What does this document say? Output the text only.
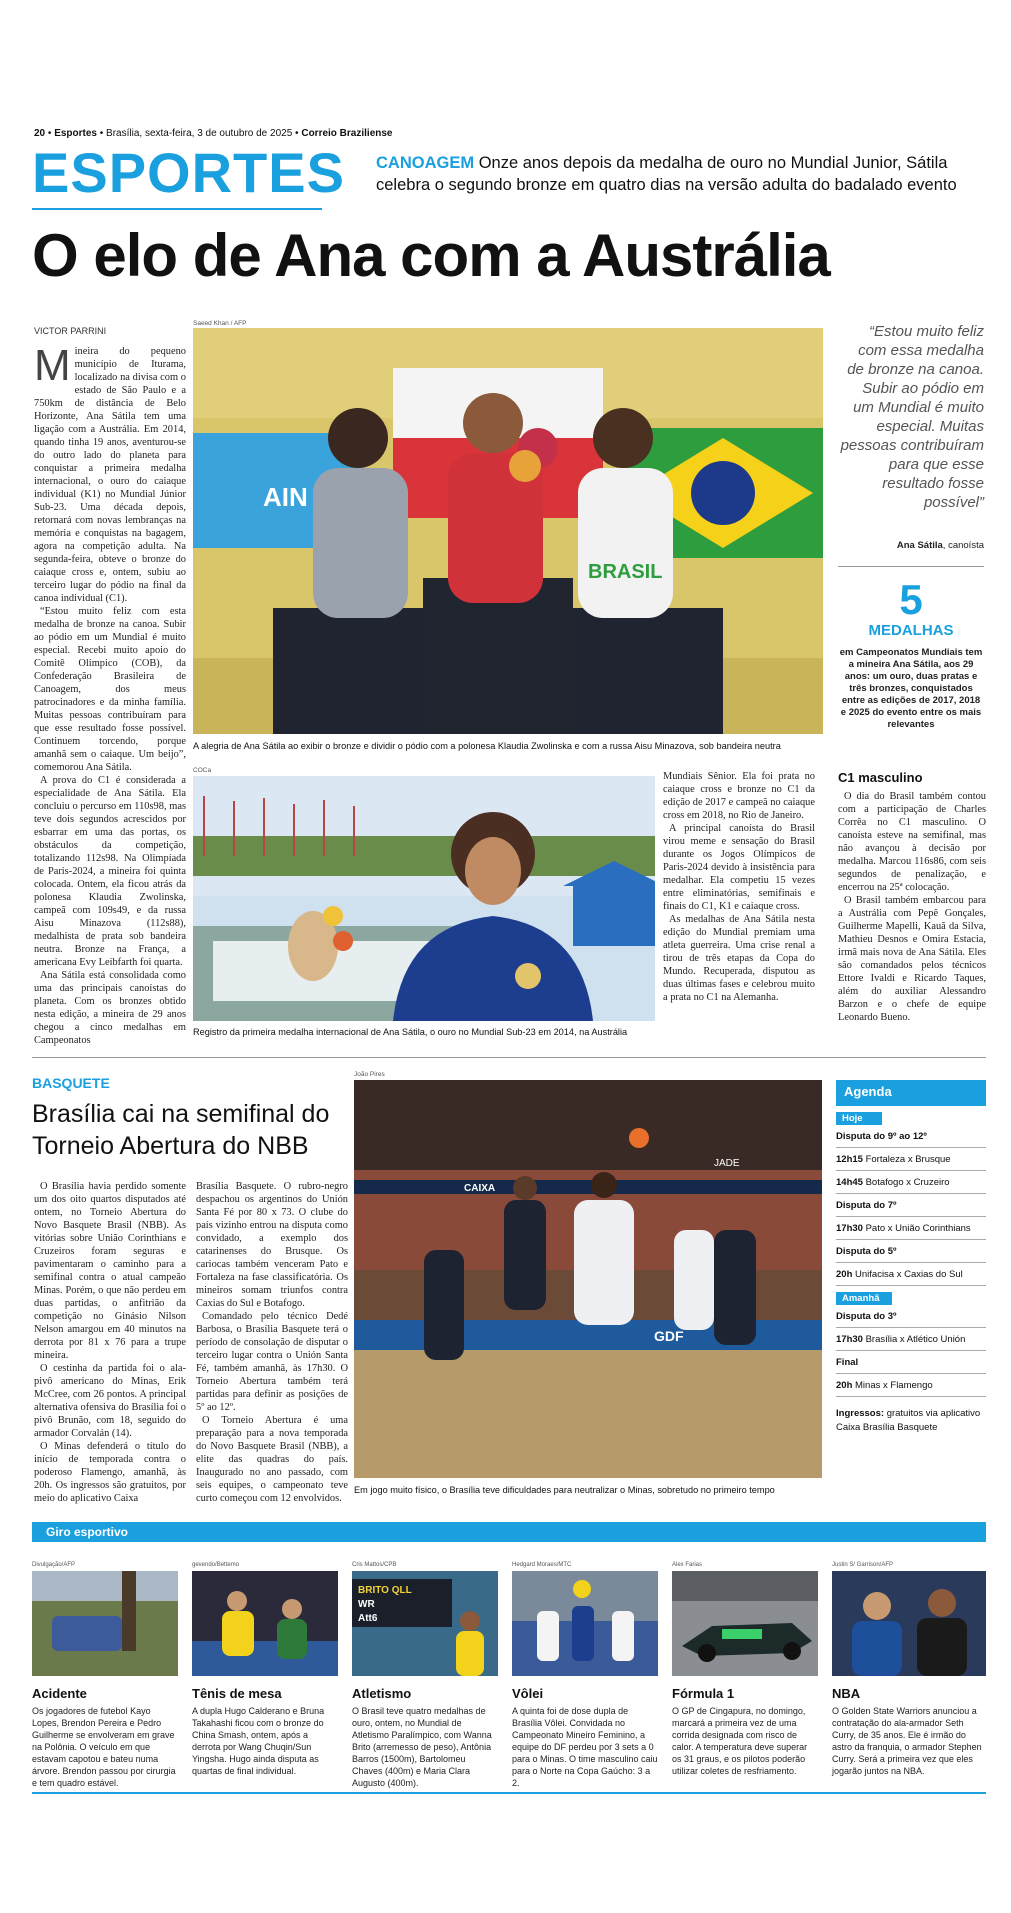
20 • Esportes • Brasília, sexta-feira, 3 de outubro de 2025 • Correio Braziliense
ESPORTES CANOAGEM Onze anos depois da medalha de ouro no Mundial Junior, Sátila celebra o segundo bronze em quatro dias na versão adulta do badalado evento
O elo de Ana com a Austrália
VICTOR PARRINI

Mineira do pequeno município de Iturama, localizado na divisa com o estado de São Paulo e a 750km de distância de Belo Horizonte, Ana Sátila tem uma ligação com a Austrália. Em 2014, quando tinha 19 anos, aventurou-se do outro lado do planeta para conquistar a primeira medalha internacional, o ouro do caiaque individual (K1) no Mundial Júnior Sub-23. Uma década depois, retornará com novas lembranças na memória e conquistas na bagagem, agora na competição adulta. Na segunda-feira, obteve o bronze do caiaque cross e, ontem, subiu ao terceiro lugar do pódio na final da canoa individual (C1).

“Estou muito feliz com esta medalha de bronze na canoa. Subir ao pódio em um Mundial é muito especial. Recebi muito apoio do Comitê Olímpico (COB), da Confederação Brasileira de Canoagem, dos meus patrocinadores e da minha família. Muitas pessoas contribuíram para que esse resultado fosse possível. Continuem torcendo, porque amanhã sem o caiaque. Um beijo”, comemorou Ana Sátila.

A prova do C1 é considerada a especialidade de Ana Sátila. Ela concluiu o percurso em 110s98, mas teve dois segundos acrescidos por esbarrar em uma das portas, os obstáculos da competição, totalizando 112s98. Na Olimpíada de Paris-2024, a mineira foi quinta colocada. Ontem, ela ficou atrás da polonesa Klaudia Zwolinska, campeã com 109s49, e da russa Aisu Minazova (112s88), medalhista de prata sob bandeira neutra. Bronze na França, a americana Evy Leibfarth foi quarta.

Ana Sátila está consolidada como uma das principais canoístas do planeta. Com os bronzes obtido nesta edição, a mineira de 29 anos chegou a cinco medalhas em Campeonatos

Saeed Khan / AFP
AIN
BRASIL
A alegria de Ana Sátila ao exibir o bronze e dividir o pódio com a polonesa Klaudia Zwolinska e com a russa Aisu Minazova, sob bandeira neutra
“Estou muito feliz com essa medalha de bronze na canoa. Subir ao pódio em um Mundial é muito especial. Muitas pessoas contribuíram para que esse resultado fosse possível”
Ana Sátila, canoísta
5
MEDALHAS
em Campeonatos Mundiais tem a mineira Ana Sátila, aos 29 anos: um ouro, duas pratas e três bronzes, conquistados entre as edições de 2017, 2018 e 2025 do evento entre os mais relevantes
COCa
Registro da primeira medalha internacional de Ana Sátila, o ouro no Mundial Sub-23 em 2014, na Austrália

Mundiais Sênior. Ela foi prata no caiaque cross e bronze no C1 da edição de 2017 e campeã no caiaque cross em 2018, no Rio de Janeiro.

A principal canoísta do Brasil virou meme e sensação do Brasil durante os Jogos Olímpicos de Paris-2024 devido à insistência para medalhar. Ela competiu 15 vezes entre eliminatórias, semifinais e finais do C1, K1 e caiaque cross.

As medalhas de Ana Sátila nesta edição do Mundial premiam uma atleta guerreira. Uma crise renal a tirou de três etapas da Copa do Mundo. Recuperada, disputou as duas últimas fases e celebrou muito a prata no C1 na Alemanha.

C1 masculino

O dia do Brasil também contou com a participação de Charles Corrêa no C1 masculino. O canoísta esteve na semifinal, mas não avançou à decisão por medalha. Marcou 116s86, com seis segundos de penalização, e encerrou na 25ª colocação.

O Brasil também embarcou para a Austrália com Pepê Gonçales, Guilherme Mapelli, Kauã da Silva, Mathieu Desnos e Omira Estacia, irmã mais nova de Ana Sátila. Eles são comandados pelos técnicos Ettore Ivaldi e Ricardo Taques, além do auxiliar Alessandro Barzon e o chefe de equipe Leonardo Bueno.

BASQUETE
Brasília cai na semifinal do Torneio Abertura do NBB

O Brasília havia perdido somente um dos oito quartos disputados até ontem, no Torneio Abertura do Novo Basquete Brasil (NBB). As vitórias sobre União Corinthians e Cruzeiros foram seguras e pavimentaram o caminho para a semifinal contra o atual campeão Minas. Porém, o que não perdeu em duas partidas, o anfitrião da competição no Ginásio Nilson Nelson amargou em 40 minutos na derrota por 81 x 76 para a trupe mineira.

O cestinha da partida foi o ala-pivô americano do Minas, Erik McCree, com 26 pontos. A principal alternativa ofensiva do Brasília foi o pivô Brunão, com 18, seguido do armador Corvalán (14).

O Minas defenderá o título do início de temporada contra o poderoso Flamengo, amanhã, às 20h. Os ingressos são gratuitos, por meio do aplicativo Caixa

Brasília Basquete. O rubro-negro despachou os argentinos do Unión Santa Fé por 80 x 73. O clube do país vizinho entrou na disputa como convidado, a exemplo dos catarinenses do Brusque. Os cariocas também venceram Pato e Fortaleza na fase classificatória. Os mineiros somam triunfos contra Caxias do Sul e Botafogo.

Comandado pelo técnico Dedé Barbosa, o Brasília Basquete terá o período de consolação de disputar o terceiro lugar contra o Unión Santa Fé, também amanhã, às 17h30. O Torneio Abertura também terá partidas para definir as posições de 5º ao 12º.

O Torneio Abertura é uma preparação para a nova temporada do Novo Basquete Brasil (NBB), a elite das quadras do país. Inaugurado no ano passado, com seis equipes, o campeonato teve curto começou com 12 envolvidos.

João Pires
CAIXA
JADE
GDF
Em jogo muito físico, o Brasília teve dificuldades para neutralizar o Minas, sobretudo no primeiro tempo
Agenda
Hoje
Disputa do 9º ao 12º
12h15 Fortaleza x Brusque
14h45 Botafogo x Cruzeiro
Disputa do 7º
17h30 Pato x União Corinthians
Disputa do 5º
20h Unifacisa x Caxias do Sul
Amanhã
Disputa do 3º
17h30 Brasília x Atlético Unión
Final
20h Minas x Flamengo
Ingressos: gratuitos via aplicativo Caixa Brasília Basquete
Giro esportivo
Divulgação/AFP
Acidente
Os jogadores de futebol Kayo Lopes, Brendon Pereira e Pedro Guilherme se envolveram em grave na Polônia. O veículo em que estavam capotou e bateu numa árvore. Brendon passou por cirurgia e tem quadro estável.
gevendo/Bettemo
Tênis de mesa
A dupla Hugo Calderano e Bruna Takahashi ficou com o bronze do China Smash, ontem, após a derrota por Wang Chuqin/Sun Yingsha. Hugo ainda disputa as quartas de final individual.
Cris Mattos/CPB
BRITO QLL
WR
Att6
Atletismo
O Brasil teve quatro medalhas de ouro, ontem, no Mundial de Atletismo Paralímpico, com Wanna Brito (arremesso de peso), Antônia Barros (1500m), Bartolomeu Chaves (400m) e Maria Clara Augusto (400m).
Hedgard Moraes/MTC
Vôlei
A quinta foi de dose dupla de Brasília Vôlei. Convidada no Campeonato Mineiro Feminino, a equipe do DF perdeu por 3 sets a 0 para o Minas. O time masculino caiu para o Norte na Copa Gaúcho: 3 a 2.
Alex Farias
Fórmula 1
O GP de Cingapura, no domingo, marcará a primeira vez de uma corrida designada com risco de calor. A temperatura deve superar os 31 graus, e os pilotos poderão utilizar coletes de resfriamento.
Justin S/ Garrison/AFP
NBA
O Golden State Warriors anunciou a contratação do ala-armador Seth Curry, de 35 anos. Ele é irmão do astro da franquia, o armador Stephen Curry. Será a primeira vez que eles jogarão juntos na NBA.
